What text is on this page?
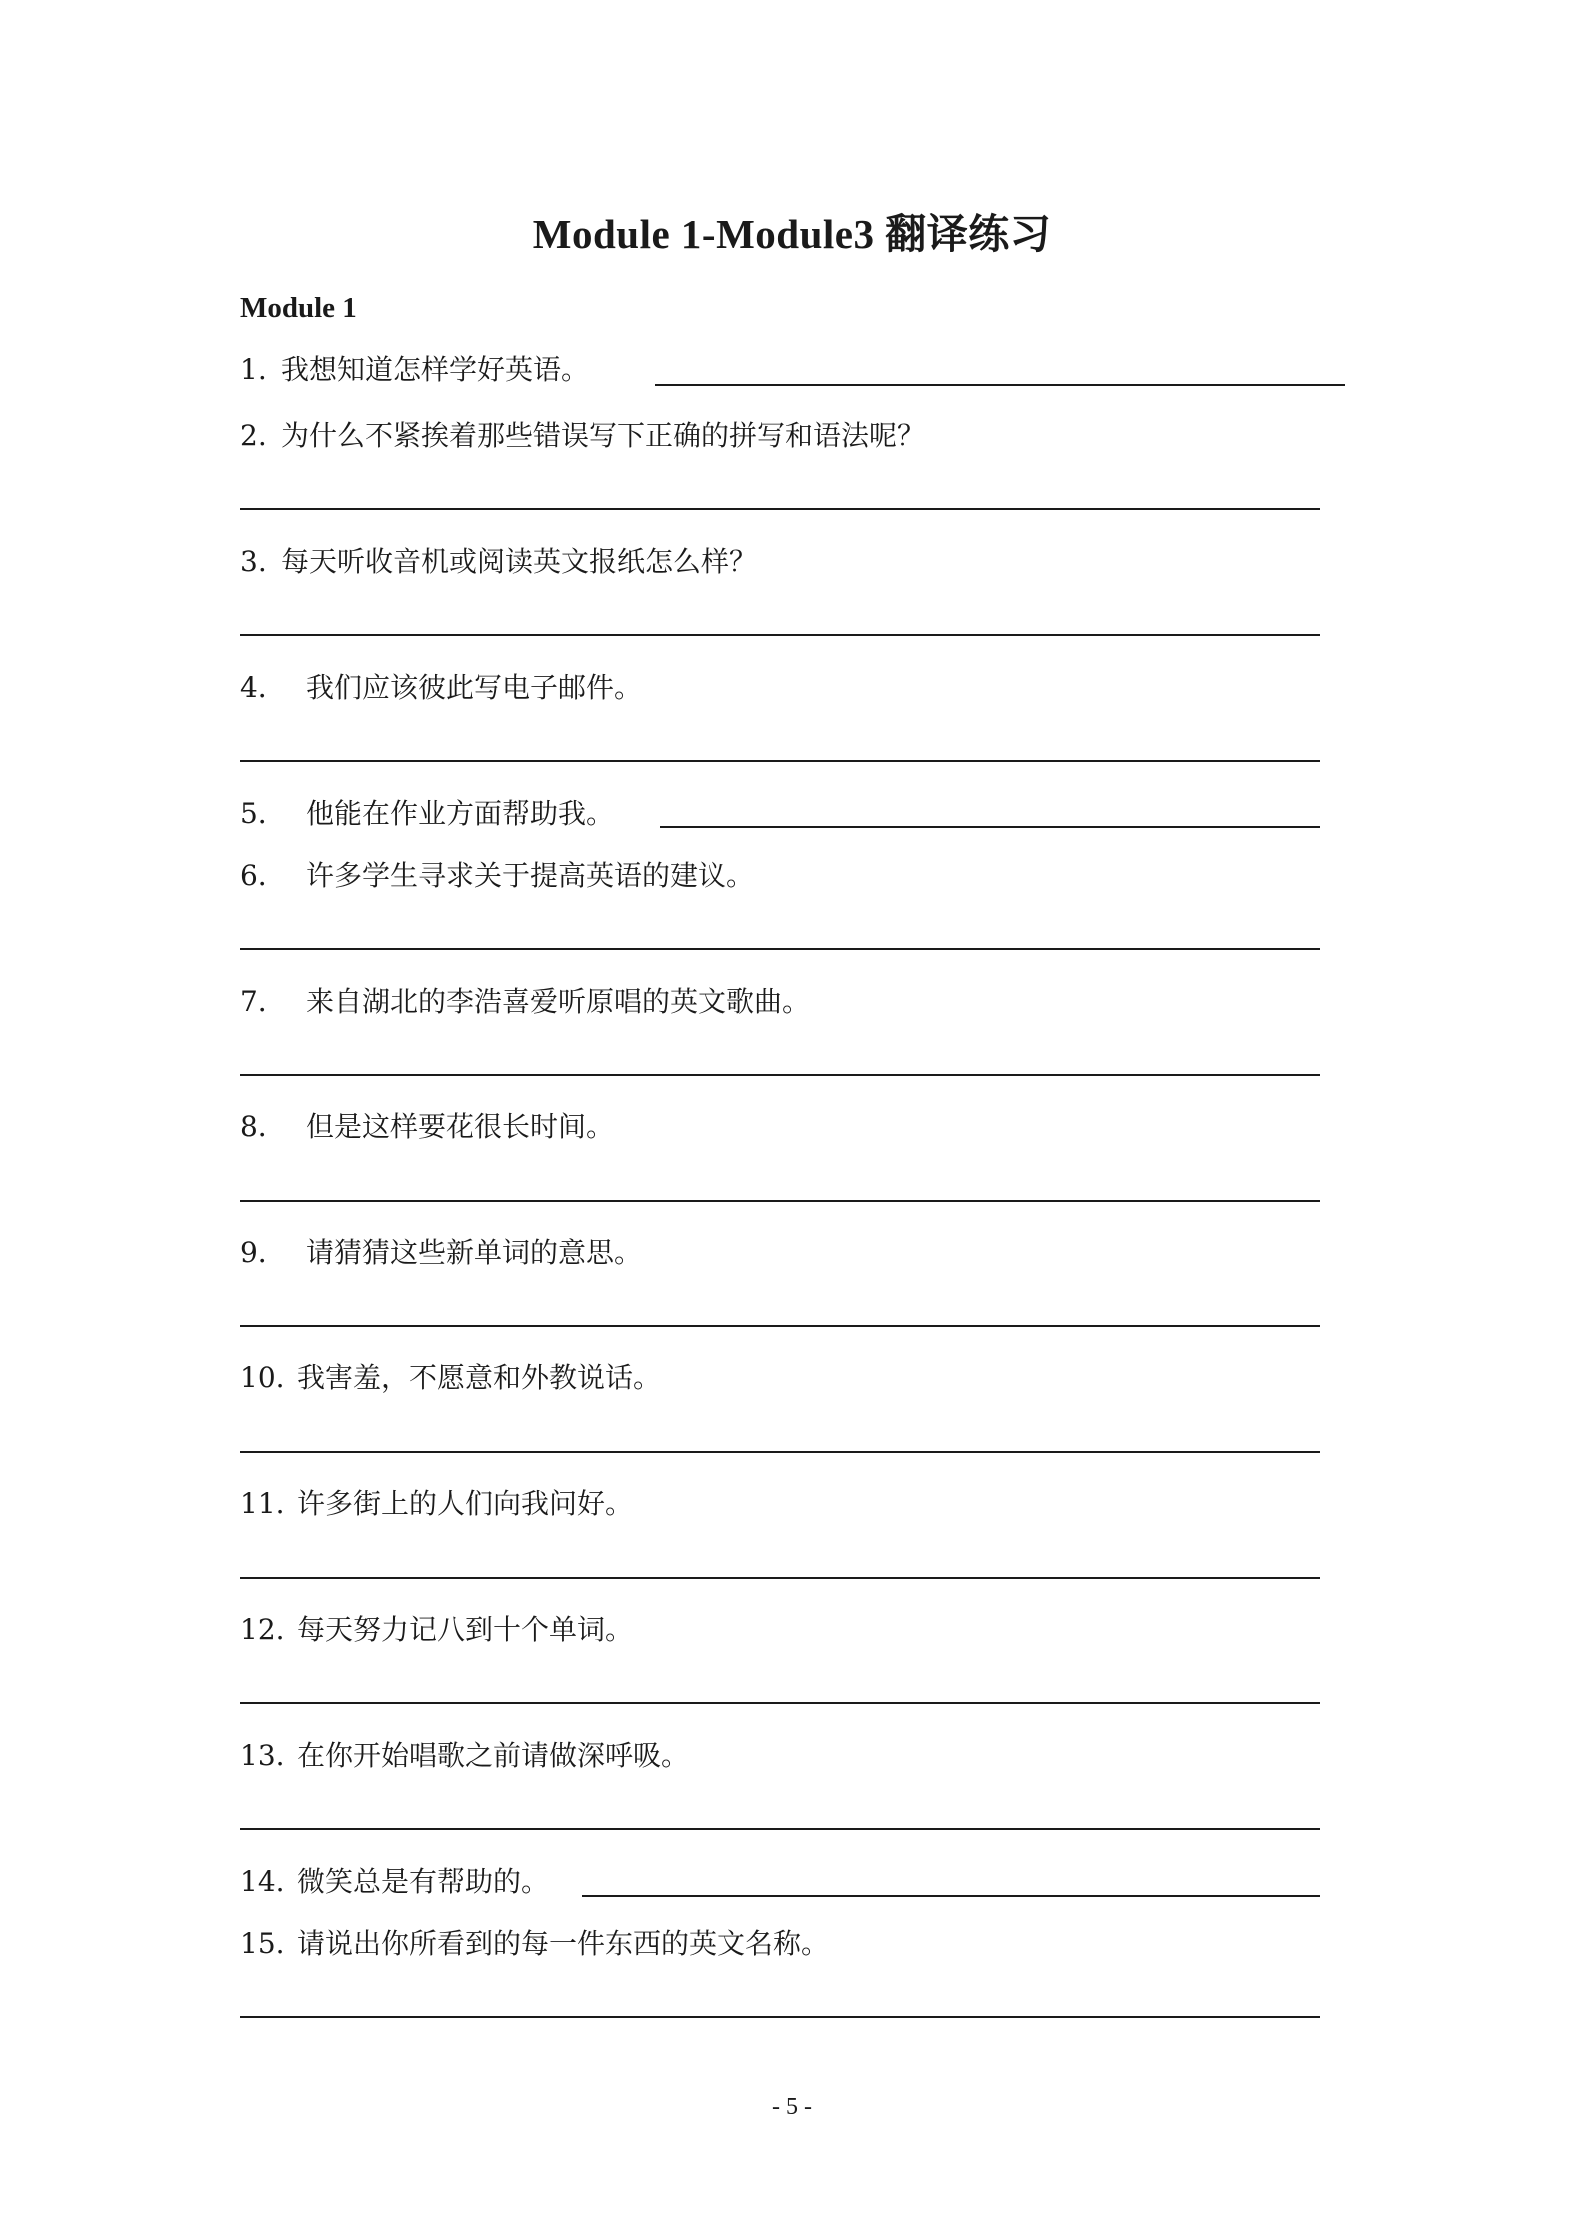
Module 1-Module3 翻译练习
Module 1
1. 我想知道怎样学好英语。
2. 为什么不紧挨着那些错误写下正确的拼写和语法呢？
3. 每天听收音机或阅读英文报纸怎么样？
4． 我们应该彼此写电子邮件。
5． 他能在作业方面帮助我。
6． 许多学生寻求关于提高英语的建议。
7． 来自湖北的李浩喜爱听原唱的英文歌曲。
8． 但是这样要花很长时间。
9． 请猜猜这些新单词的意思。
10. 我害羞，不愿意和外教说话。
11. 许多街上的人们向我问好。
12. 每天努力记八到十个单词。
13. 在你开始唱歌之前请做深呼吸。
14. 微笑总是有帮助的。
15. 请说出你所看到的每一件东西的英文名称。
- 5 -
